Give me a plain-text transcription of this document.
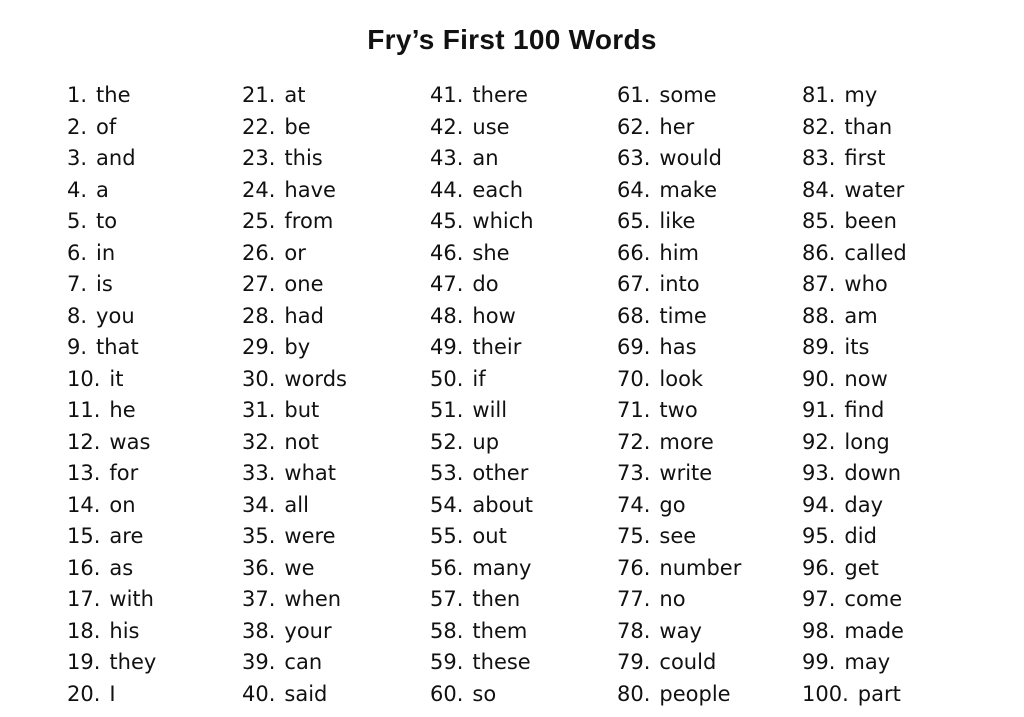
Fry’s First 100 Words
1. the
2. of
3. and
4. a
5. to
6. in
7. is
8. you
9. that
10. it
11. he
12. was
13. for
14. on
15. are
16. as
17. with
18. his
19. they
20. I
21. at
22. be
23. this
24. have
25. from
26. or
27. one
28. had
29. by
30. words
31. but
32. not
33. what
34. all
35. were
36. we
37. when
38. your
39. can
40. said
41. there
42. use
43. an
44. each
45. which
46. she
47. do
48. how
49. their
50. if
51. will
52. up
53. other
54. about
55. out
56. many
57. then
58. them
59. these
60. so
61. some
62. her
63. would
64. make
65. like
66. him
67. into
68. time
69. has
70. look
71. two
72. more
73. write
74. go
75. see
76. number
77. no
78. way
79. could
80. people
81. my
82. than
83. first
84. water
85. been
86. called
87. who
88. am
89. its
90. now
91. find
92. long
93. down
94. day
95. did
96. get
97. come
98. made
99. may
100. part
